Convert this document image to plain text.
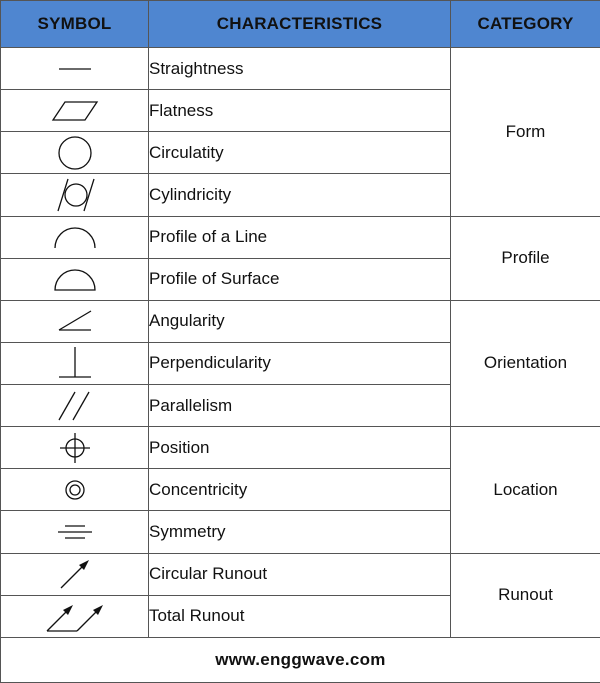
SYMBOL	CHARACTERISTICS	CATEGORY

	Straightness	Form

	Flatness	

	Circulatity	

	Cylindricity	

	Profile of a Line	Profile

	Profile of Surface	

	Angularity	Orientation

	Perpendicularity	

	Parallelism	

	Position	Location

	Concentricity	

	Symmetry	

	Circular Runout	Runout

	Total Runout	
www.enggwave.com		
